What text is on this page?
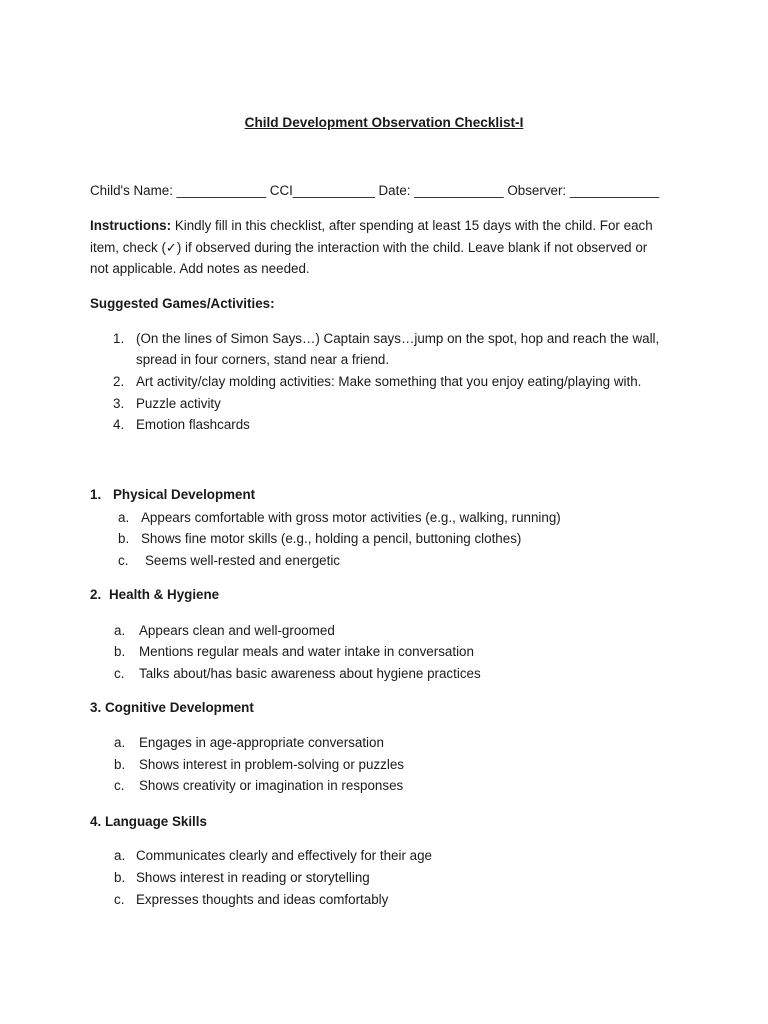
Child Development Observation Checklist-I
Child's Name: ____________ CCI___________ Date: ____________ Observer: ____________
Instructions: Kindly fill in this checklist, after spending at least 15 days with the child. For each
item, check (✓) if observed during the interaction with the child. Leave blank if not observed or
not applicable. Add notes as needed.
Suggested Games/Activities:
1. (On the lines of Simon Says…) Captain says…jump on the spot, hop and reach the wall,
spread in four corners, stand near a friend.
2. Art activity/clay molding activities: Make something that you enjoy eating/playing with.
3. Puzzle activity
4. Emotion flashcards
1. Physical Development
a. Appears comfortable with gross motor activities (e.g., walking, running)
b. Shows fine motor skills (e.g., holding a pencil, buttoning clothes)
c. Seems well-rested and energetic
2. Health & Hygiene
a. Appears clean and well-groomed
b. Mentions regular meals and water intake in conversation
c. Talks about/has basic awareness about hygiene practices
3. Cognitive Development
a. Engages in age-appropriate conversation
b. Shows interest in problem-solving or puzzles
c. Shows creativity or imagination in responses
4. Language Skills
a. Communicates clearly and effectively for their age
b. Shows interest in reading or storytelling
c. Expresses thoughts and ideas comfortably
